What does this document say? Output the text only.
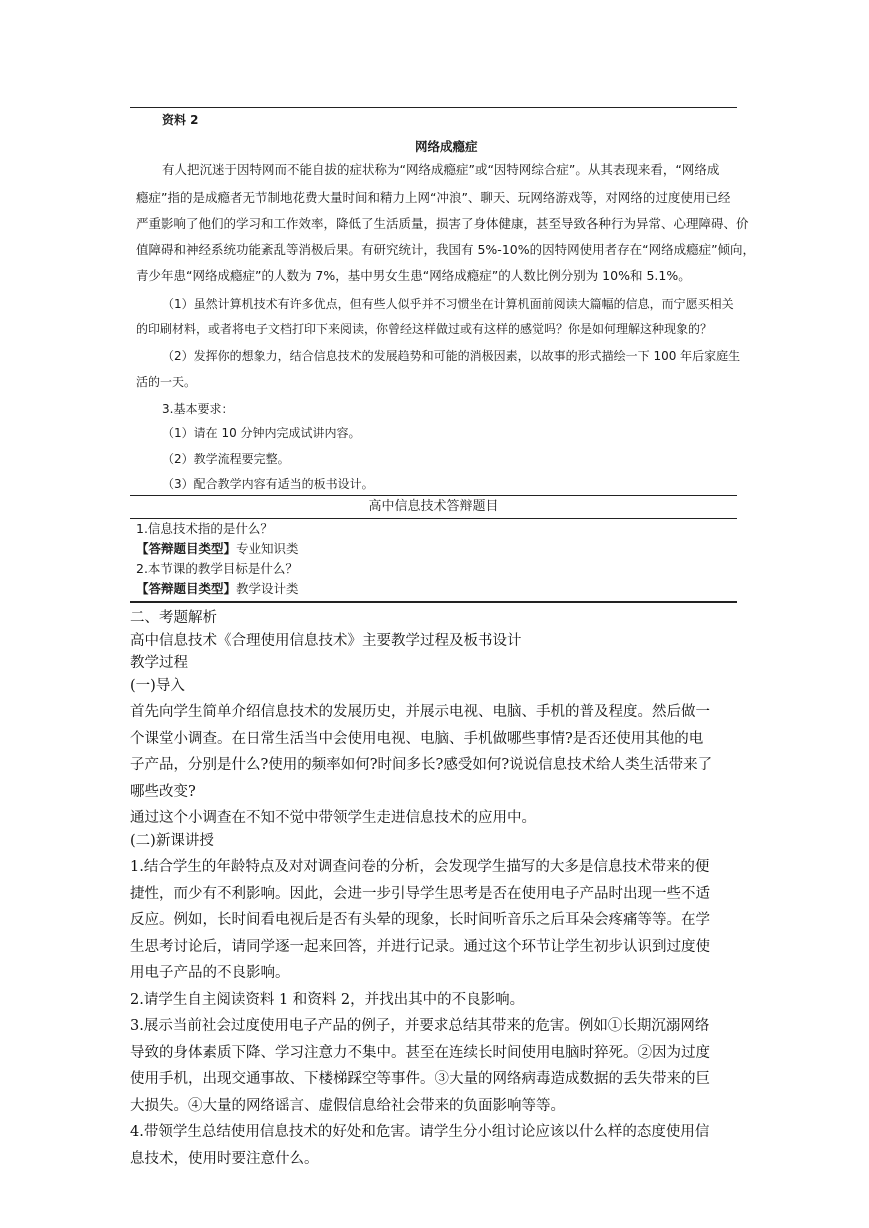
资料 2
网络成瘾症
有人把沉迷于因特网而不能自拔的症状称为“网络成瘾症”或“因特网综合症”。从其表现来看，“网络成
瘾症”指的是成瘾者无节制地花费大量时间和精力上网“冲浪”、聊天、玩网络游戏等，对网络的过度使用已经
严重影响了他们的学习和工作效率，降低了生活质量，损害了身体健康，甚至导致各种行为异常、心理障碍、价
值障碍和神经系统功能紊乱等消极后果。有研究统计，我国有 5%-10%的因特网使用者存在“网络成瘾症”倾向，
青少年患“网络成瘾症”的人数为 7%，基中男女生患“网络成瘾症”的人数比例分别为 10%和 5.1%。
（1）虽然计算机技术有许多优点，但有些人似乎并不习惯坐在计算机面前阅读大篇幅的信息，而宁愿买相关
的印刷材料，或者将电子文档打印下来阅读，你曾经这样做过或有这样的感觉吗？你是如何理解这种现象的？
（2）发挥你的想象力，结合信息技术的发展趋势和可能的消极因素，以故事的形式描绘一下 100 年后家庭生
活的一天。
3.基本要求：
（1）请在 10 分钟内完成试讲内容。
（2）教学流程要完整。
（3）配合教学内容有适当的板书设计。
高中信息技术答辩题目
1.信息技术指的是什么？
【答辩题目类型】专业知识类
2.本节课的教学目标是什么？
【答辩题目类型】教学设计类

二、考题解析

高中信息技术《合理使用信息技术》主要教学过程及板书设计

教学过程

(一)导入

首先向学生简单介绍信息技术的发展历史，并展示电视、电脑、手机的普及程度。然后做一

个课堂小调查。在日常生活当中会使用电视、电脑、手机做哪些事情?是否还使用其他的电

子产品，分别是什么?使用的频率如何?时间多长?感受如何?说说信息技术给人类生活带来了

哪些改变?

通过这个小调查在不知不觉中带领学生走进信息技术的应用中。

(二)新课讲授

1.结合学生的年龄特点及对对调查问卷的分析，会发现学生描写的大多是信息技术带来的便

捷性，而少有不利影响。因此，会进一步引导学生思考是否在使用电子产品时出现一些不适

反应。例如，长时间看电视后是否有头晕的现象，长时间听音乐之后耳朵会疼痛等等。在学

生思考讨论后，请同学逐一起来回答，并进行记录。通过这个环节让学生初步认识到过度使

用电子产品的不良影响。

2.请学生自主阅读资料 1 和资料 2，并找出其中的不良影响。

3.展示当前社会过度使用电子产品的例子，并要求总结其带来的危害。例如①长期沉溺网络

导致的身体素质下降、学习注意力不集中。甚至在连续长时间使用电脑时猝死。②因为过度

使用手机，出现交通事故、下楼梯踩空等事件。③大量的网络病毒造成数据的丢失带来的巨

大损失。④大量的网络谣言、虚假信息给社会带来的负面影响等等。

4.带领学生总结使用信息技术的好处和危害。请学生分小组讨论应该以什么样的态度使用信

息技术，使用时要注意什么。
